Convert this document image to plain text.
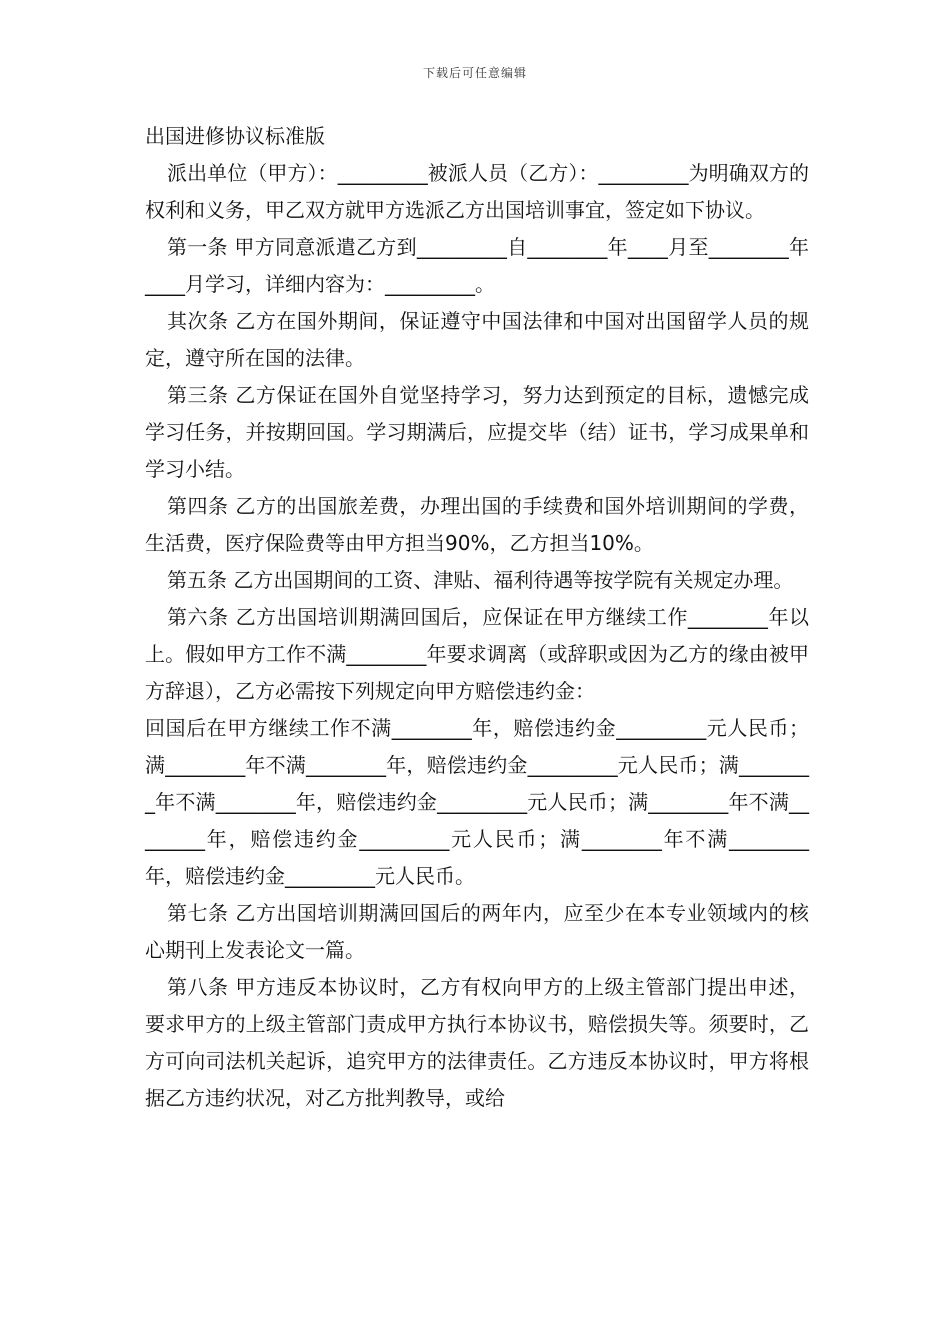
下载后可任意编辑
出国进修协议标准版

派出单位（甲方）：_________被派人员（乙方）：_________为明确双方的权利和义务，甲乙双方就甲方选派乙方出国培训事宜，签定如下协议。

第一条 甲方同意派遣乙方到_________自________年____月至________年____月学习，详细内容为：_________。

其次条 乙方在国外期间，保证遵守中国法律和中国对出国留学人员的规定，遵守所在国的法律。

第三条 乙方保证在国外自觉坚持学习，努力达到预定的目标，遗憾完成学习任务，并按期回国。学习期满后，应提交毕（结）证书，学习成果单和学习小结。

第四条 乙方的出国旅差费，办理出国的手续费和国外培训期间的学费，生活费，医疗保险费等由甲方担当90%，乙方担当10%。

第五条 乙方出国期间的工资、津贴、福利待遇等按学院有关规定办理。

第六条 乙方出国培训期满回国后，应保证在甲方继续工作________年以上。假如甲方工作不满________年要求调离（或辞职或因为乙方的缘由被甲方辞退），乙方必需按下列规定向甲方赔偿违约金：

回国后在甲方继续工作不满________年，赔偿违约金_________元人民币；满________年不满________年，赔偿违约金_________元人民币；满________年不满________年，赔偿违约金_________元人民币；满________年不满________年，赔偿违约金_________元人民币；满________年不满________年，赔偿违约金_________元人民币。

第七条 乙方出国培训期满回国后的两年内，应至少在本专业领域内的核心期刊上发表论文一篇。

第八条 甲方违反本协议时，乙方有权向甲方的上级主管部门提出申述，要求甲方的上级主管部门责成甲方执行本协议书，赔偿损失等。须要时，乙方可向司法机关起诉，追究甲方的法律责任。乙方违反本协议时，甲方将根据乙方违约状况，对乙方批判教导，或给
